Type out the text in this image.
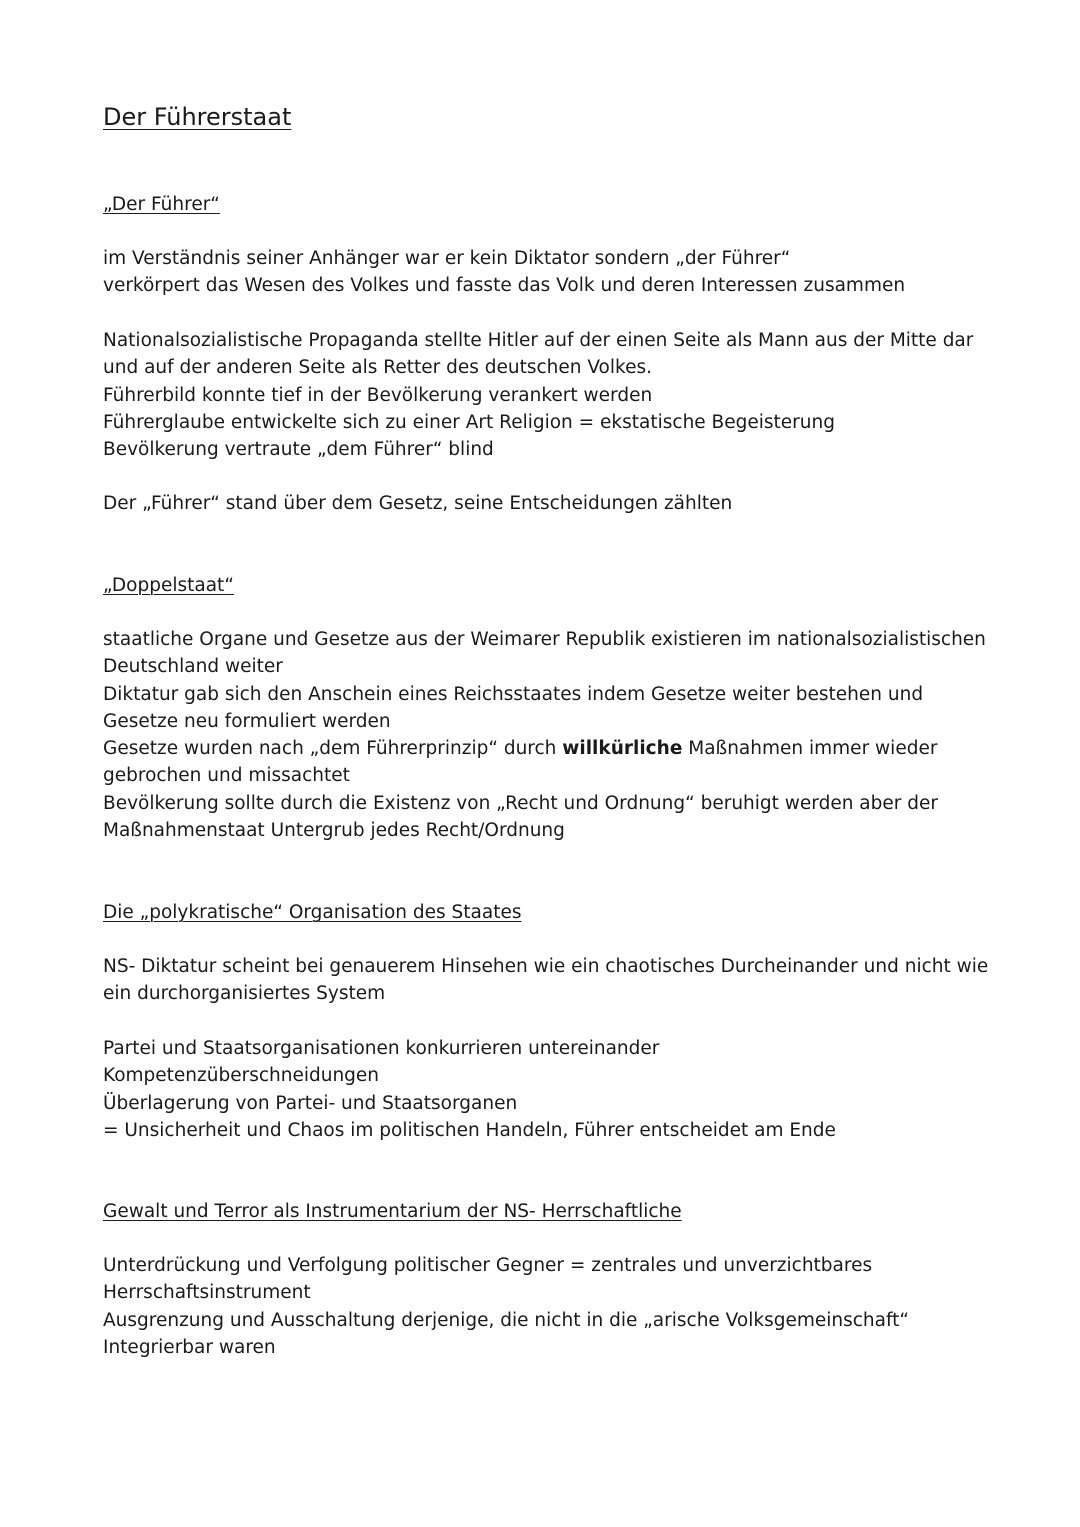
Der Führerstaat
„Der Führer“

im Verständnis seiner Anhänger war er kein Diktator sondern „der Führer“
verkörpert das Wesen des Volkes und fasste das Volk und deren Interessen zusammen

Nationalsozialistische Propaganda stellte Hitler auf der einen Seite als Mann aus der Mitte dar
und auf der anderen Seite als Retter des deutschen Volkes.
Führerbild konnte tief in der Bevölkerung verankert werden
Führerglaube entwickelte sich zu einer Art Religion = ekstatische Begeisterung
Bevölkerung vertraute „dem Führer“ blind

Der „Führer“ stand über dem Gesetz, seine Entscheidungen zählten

„Doppelstaat“

staatliche Organe und Gesetze aus der Weimarer Republik existieren im nationalsozialistischen
Deutschland weiter
Diktatur gab sich den Anschein eines Reichsstaates indem Gesetze weiter bestehen und
Gesetze neu formuliert werden
Gesetze wurden nach „dem Führerprinzip“ durch willkürliche Maßnahmen immer wieder
gebrochen und missachtet
Bevölkerung sollte durch die Existenz von „Recht und Ordnung“ beruhigt werden aber der
Maßnahmenstaat Untergrub jedes Recht/Ordnung

Die „polykratische“ Organisation des Staates

NS- Diktatur scheint bei genauerem Hinsehen wie ein chaotisches Durcheinander und nicht wie
ein durchorganisiertes System

Partei und Staatsorganisationen konkurrieren untereinander
Kompetenzüberschneidungen
Überlagerung von Partei- und Staatsorganen
= Unsicherheit und Chaos im politischen Handeln, Führer entscheidet am Ende

Gewalt und Terror als Instrumentarium der NS- Herrschaftliche

Unterdrückung und Verfolgung politischer Gegner = zentrales und unverzichtbares
Herrschaftsinstrument
Ausgrenzung und Ausschaltung derjenige, die nicht in die „arische Volksgemeinschaft“
Integrierbar waren
